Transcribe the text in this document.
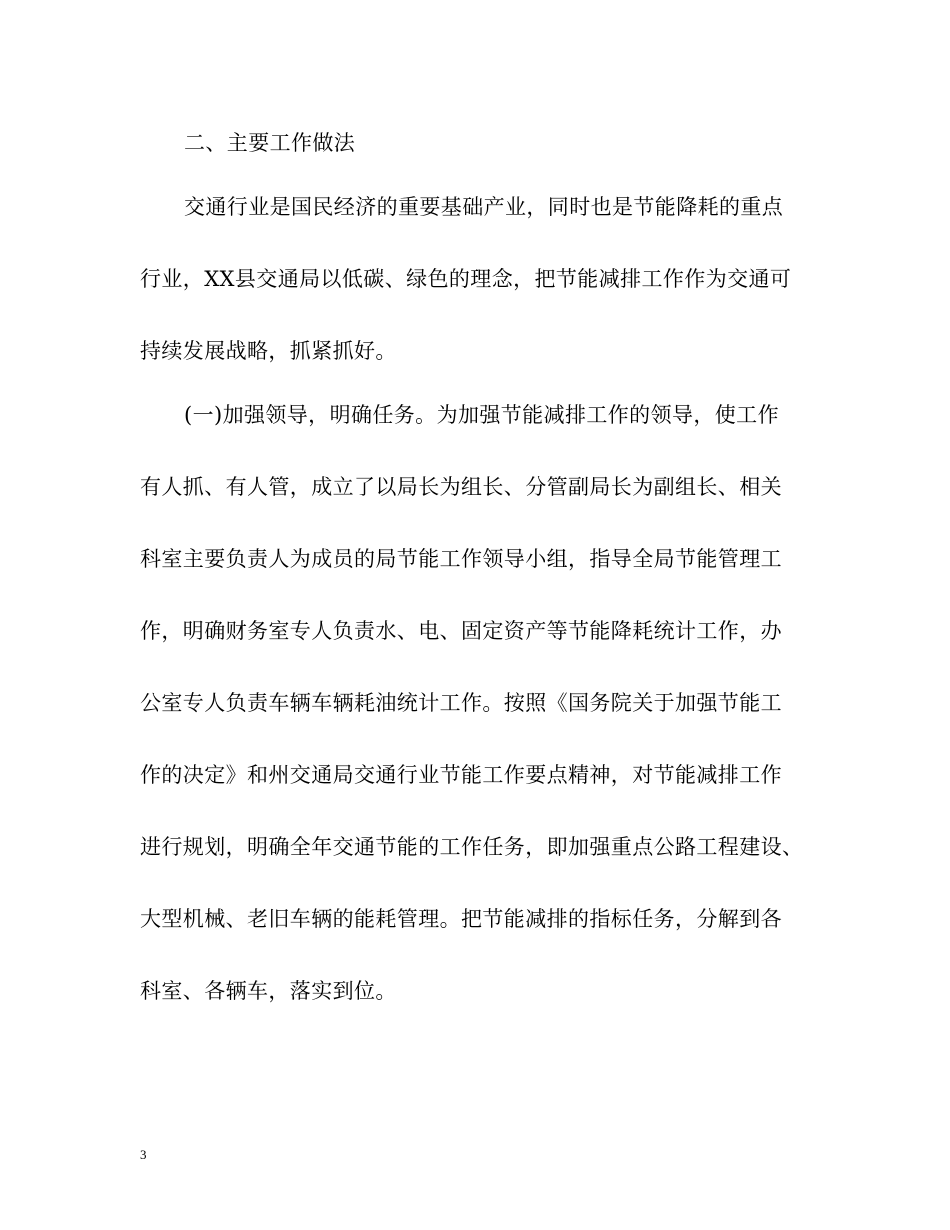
二、主要工作做法
交通行业是国民经济的重要基础产业，同时也是节能降耗的重点
行业，XX县交通局以低碳、绿色的理念，把节能减排工作作为交通可
持续发展战略，抓紧抓好。
(一)加强领导，明确任务。为加强节能减排工作的领导，使工作
有人抓、有人管，成立了以局长为组长、分管副局长为副组长、相关
科室主要负责人为成员的局节能工作领导小组，指导全局节能管理工
作，明确财务室专人负责水、电、固定资产等节能降耗统计工作，办
公室专人负责车辆车辆耗油统计工作。按照《国务院关于加强节能工
作的决定》和州交通局交通行业节能工作要点精神，对节能减排工作
进行规划，明确全年交通节能的工作任务，即加强重点公路工程建设、
大型机械、老旧车辆的能耗管理。把节能减排的指标任务，分解到各
科室、各辆车，落实到位。
3
